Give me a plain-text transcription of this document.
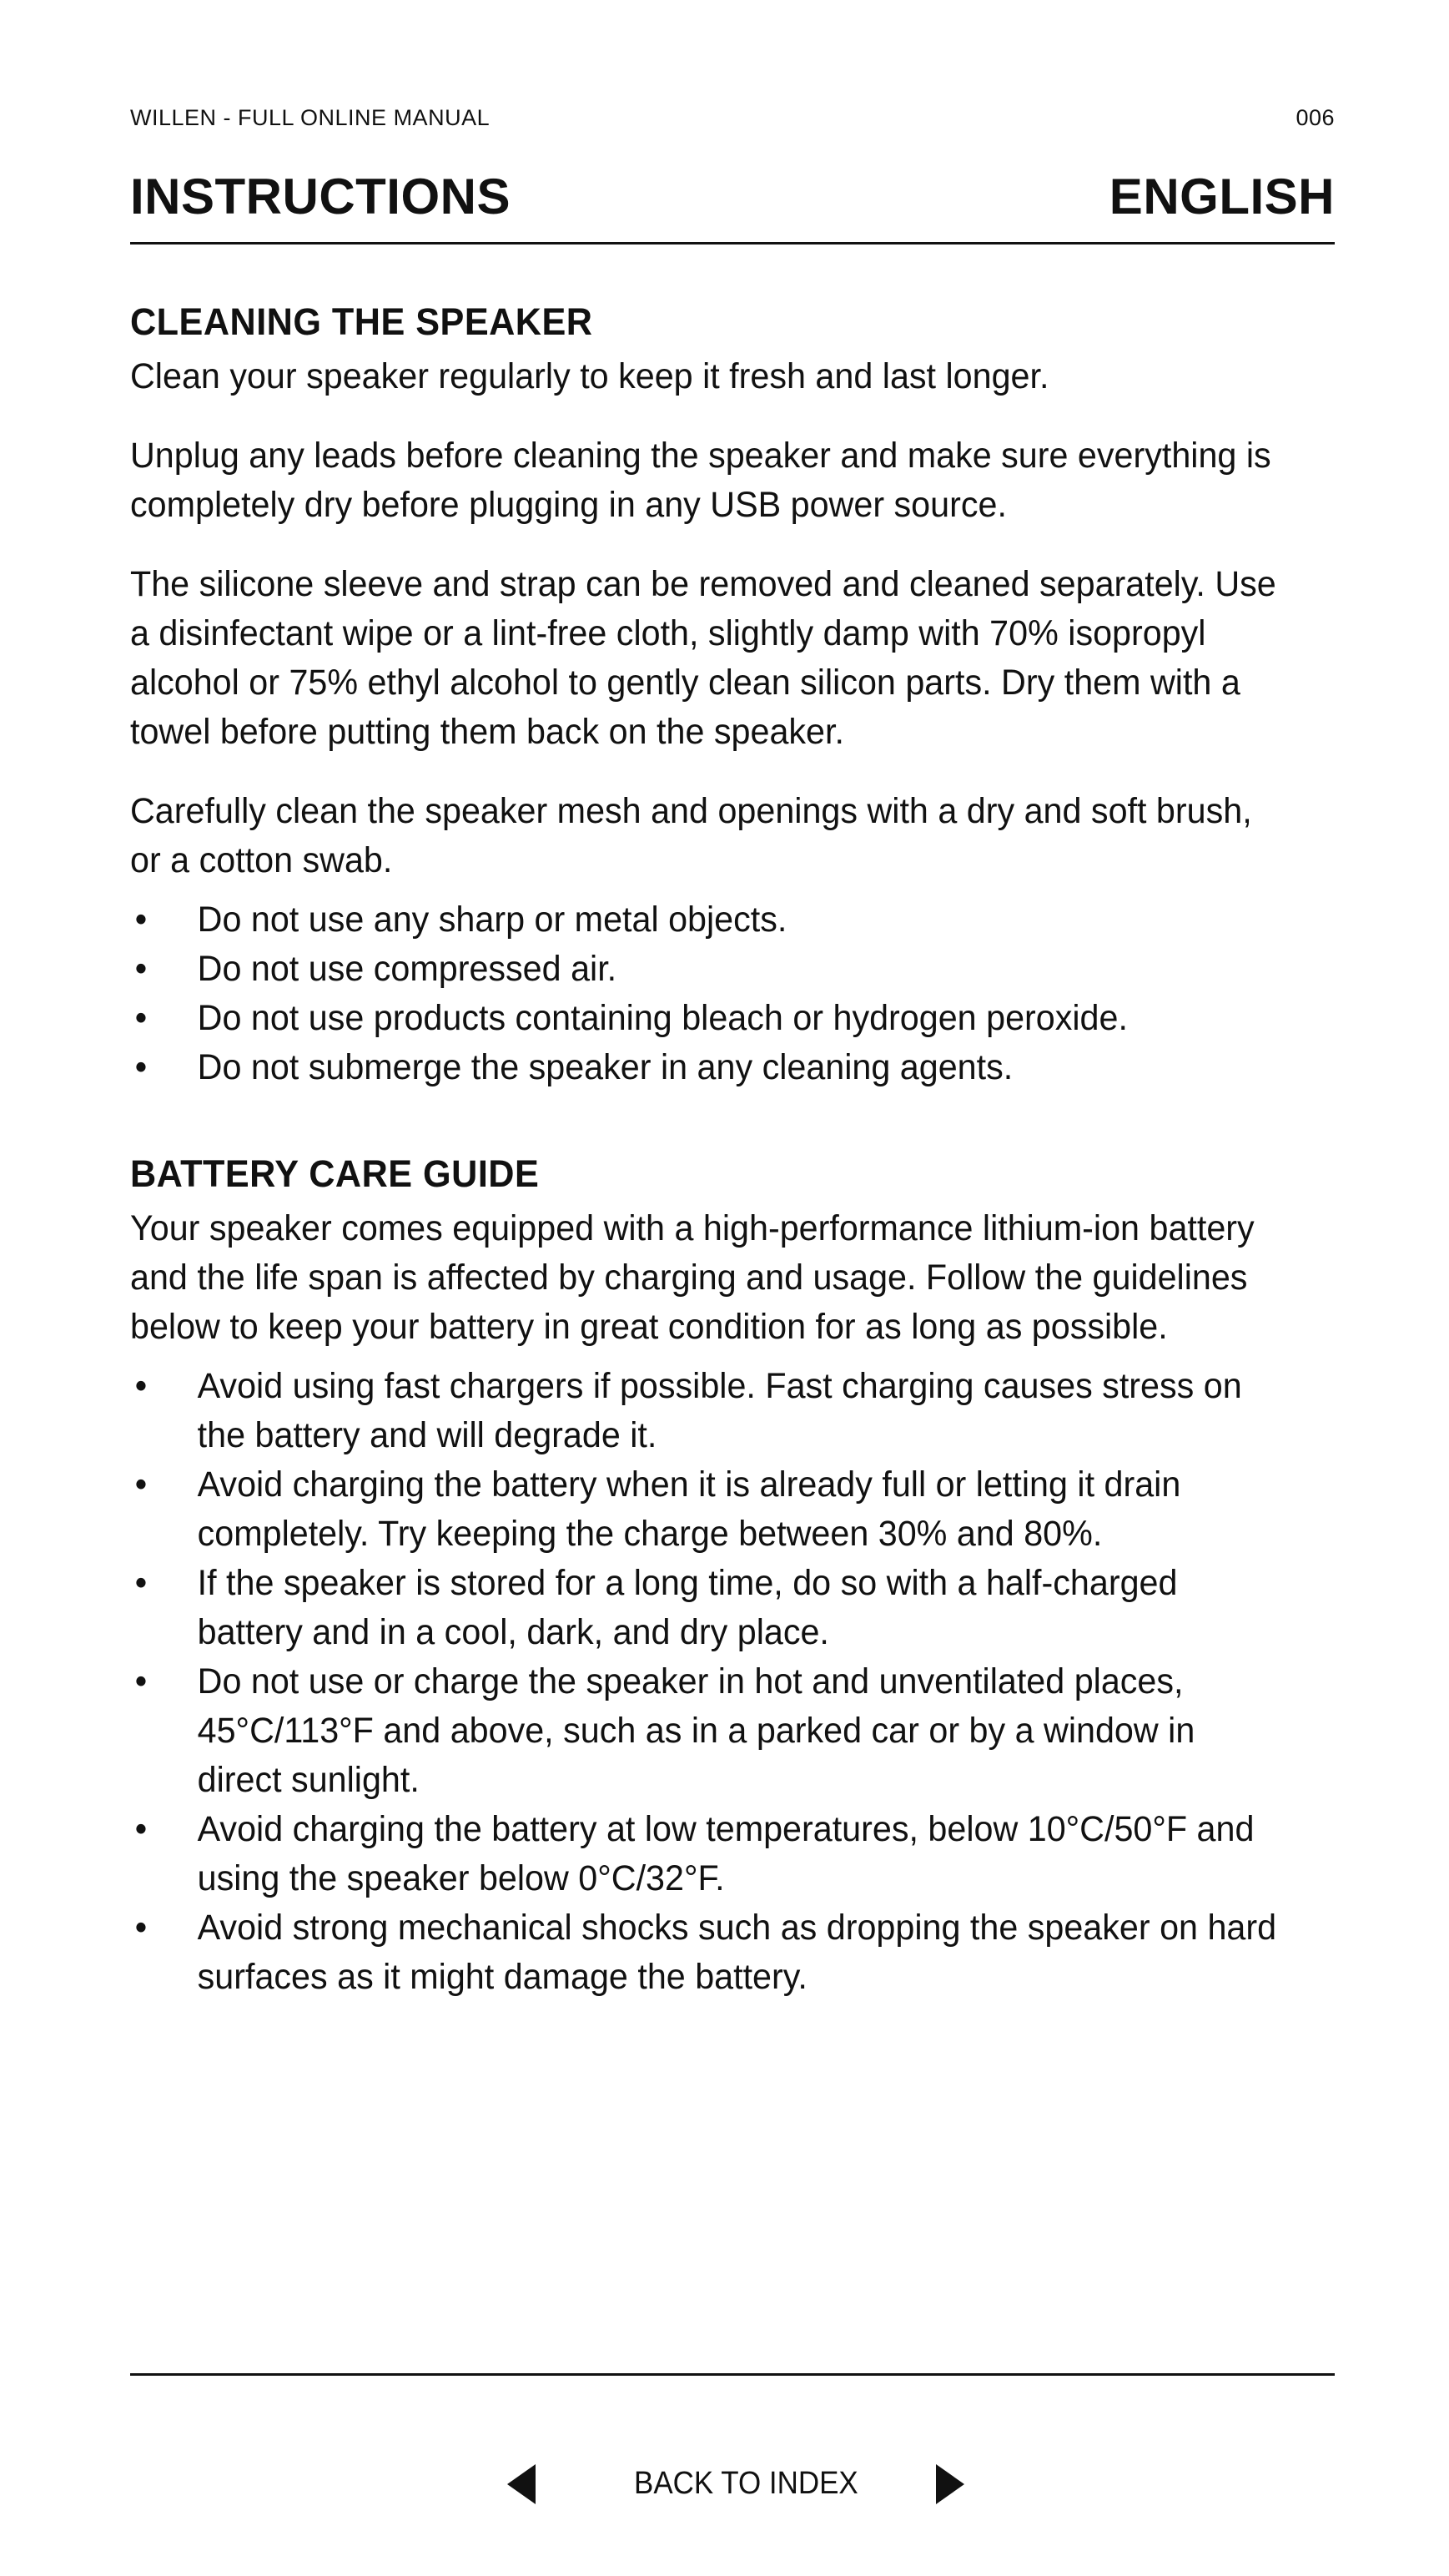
WILLEN - FULL ONLINE MANUAL	006
INSTRUCTIONS	ENGLISH
CLEANING THE SPEAKER

Clean your speaker regularly to keep it fresh and last longer.

Unplug any leads before cleaning the speaker and make sure everything is completely dry before plugging in any USB power source.

The silicone sleeve and strap can be removed and cleaned separately. Use a disinfectant wipe or a lint-free cloth, slightly damp with 70% isopropyl alcohol or 75% ethyl alcohol to gently clean silicon parts. Dry them with a towel before putting them back on the speaker.

Carefully clean the speaker mesh and openings with a dry and soft brush, or a cotton swab.

• Do not use any sharp or metal objects.
• Do not use compressed air.
• Do not use products containing bleach or hydrogen peroxide.
• Do not submerge the speaker in any cleaning agents.
BATTERY CARE GUIDE

Your speaker comes equipped with a high-performance lithium-ion battery and the life span is affected by charging and usage. Follow the guidelines below to keep your battery in great condition for as long as possible.

• Avoid using fast chargers if possible. Fast charging causes stress on the battery and will degrade it.
• Avoid charging the battery when it is already full or letting it drain completely. Try keeping the charge between 30% and 80%.
• If the speaker is stored for a long time, do so with a half-charged battery and in a cool, dark, and dry place.
• Do not use or charge the speaker in hot and unventilated places, 45°C/113°F and above, such as in a parked car or by a window in direct sunlight.
• Avoid charging the battery at low temperatures, below 10°C/50°F and using the speaker below 0°C/32°F.
• Avoid strong mechanical shocks such as dropping the speaker on hard surfaces as it might damage the battery.
BACK TO INDEX
